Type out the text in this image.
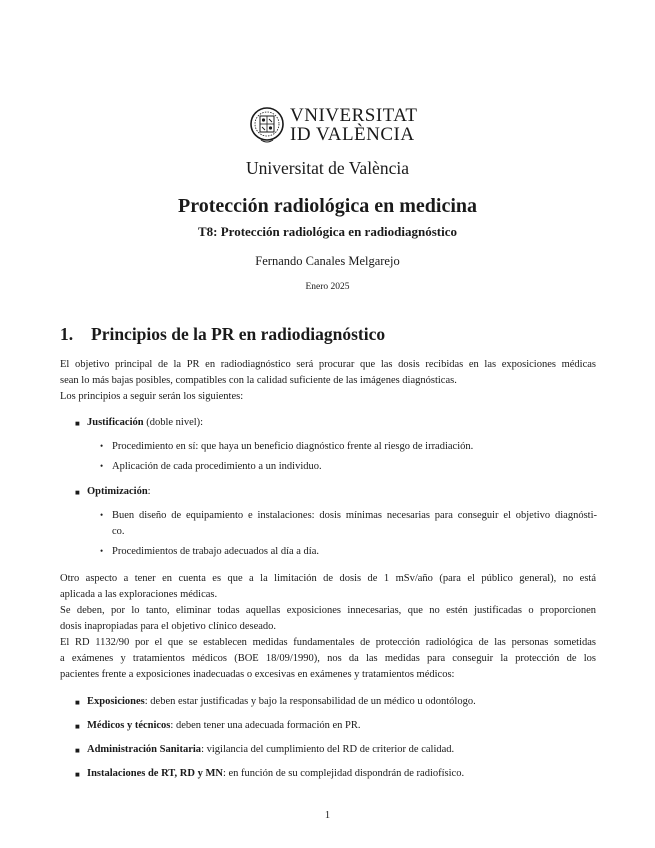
VNIVERSITAT
ID VALÈNCIA
Universitat de València
Protección radiológica en medicina
T8: Protección radiológica en radiodiagnóstico
Fernando Canales Melgarejo
Enero 2025
1. Principios de la PR en radiodiagnóstico
El objetivo principal de la PR en radiodiagnóstico será procurar que las dosis recibidas en las exposiciones médicas
sean lo más bajas posibles, compatibles con la calidad suficiente de las imágenes diagnósticas.
Los principios a seguir serán los siguientes:
■ Justificación (doble nivel):
• Procedimiento en sí: que haya un beneficio diagnóstico frente al riesgo de irradiación.
• Aplicación de cada procedimiento a un individuo.
■ Optimización:
• Buen diseño de equipamiento e instalaciones: dosis mínimas necesarias para conseguir el objetivo diagnósti-
co.
• Procedimientos de trabajo adecuados al día a día.
Otro aspecto a tener en cuenta es que a la limitación de dosis de 1 mSv/año (para el público general), no está
aplicada a las exploraciones médicas.
Se deben, por lo tanto, eliminar todas aquellas exposiciones innecesarias, que no estén justificadas o proporcionen
dosis inapropiadas para el objetivo clínico deseado.
El RD 1132/90 por el que se establecen medidas fundamentales de protección radiológica de las personas sometidas
a exámenes y tratamientos médicos (BOE 18/09/1990), nos da las medidas para conseguir la protección de los
pacientes frente a exposiciones inadecuadas o excesivas en exámenes y tratamientos médicos:
■ Exposiciones: deben estar justificadas y bajo la responsabilidad de un médico u odontólogo.
■ Médicos y técnicos: deben tener una adecuada formación en PR.
■ Administración Sanitaria: vigilancia del cumplimiento del RD de criterior de calidad.
■ Instalaciones de RT, RD y MN: en función de su complejidad dispondrán de radiofísico.
1
